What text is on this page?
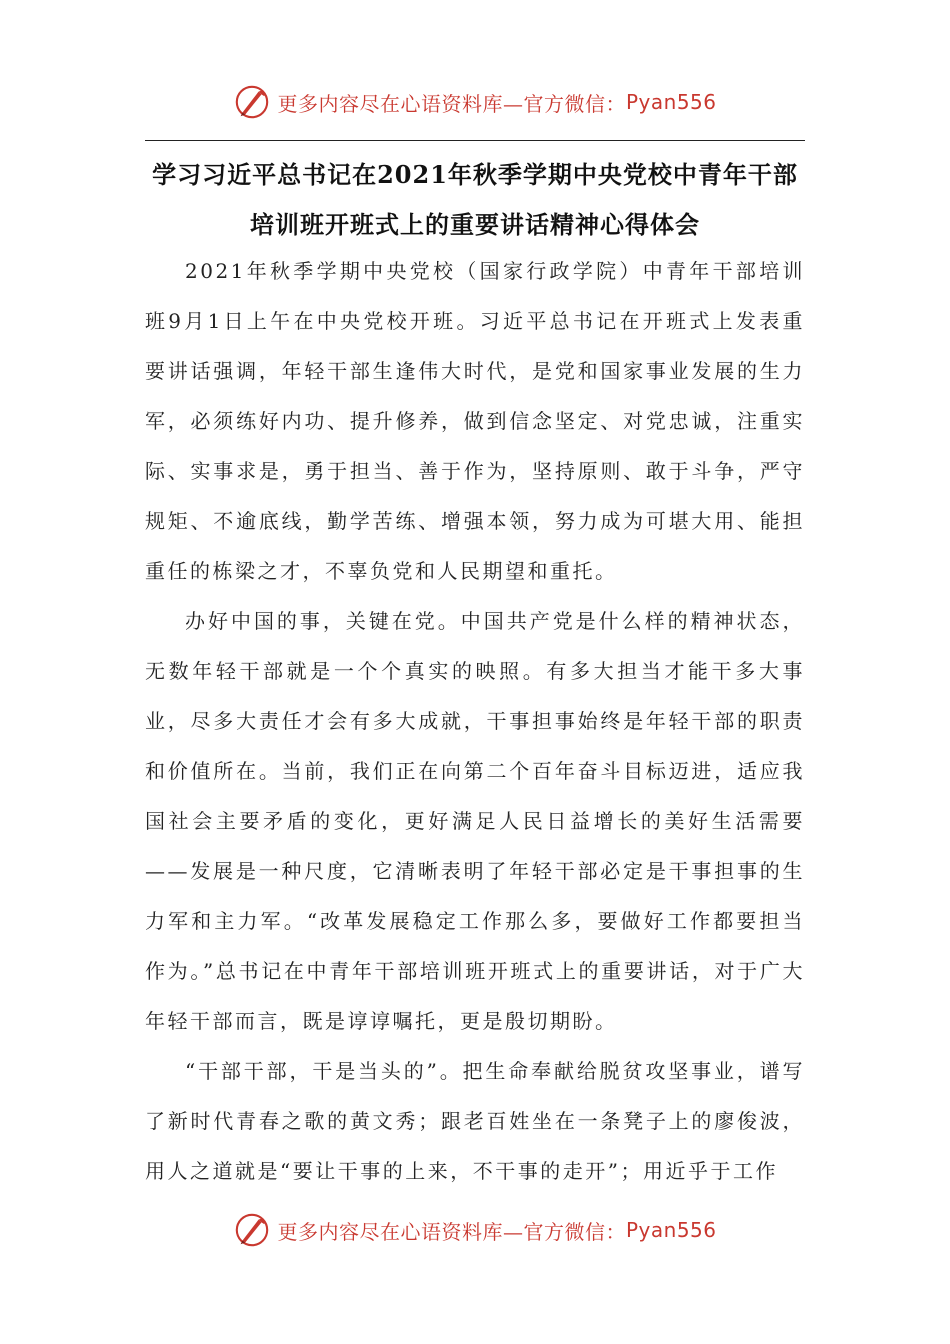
更多内容尽在心语资料库—官方微信： Pyan556
学习习近平总书记在2021年秋季学期中央党校中青年干部培训班开班式上的重要讲话精神心得体会

2021年秋季学期中央党校（国家行政学院）中青年干部培训班9月1日上午在中央党校开班。习近平总书记在开班式上发表重要讲话强调，年轻干部生逢伟大时代，是党和国家事业发展的生力军，必须练好内功、提升修养，做到信念坚定、对党忠诚，注重实际、实事求是，勇于担当、善于作为，坚持原则、敢于斗争，严守规矩、不逾底线，勤学苦练、增强本领，努力成为可堪大用、能担重任的栋梁之才，不辜负党和人民期望和重托。

办好中国的事，关键在党。中国共产党是什么样的精神状态，无数年轻干部就是一个个真实的映照。有多大担当才能干多大事业，尽多大责任才会有多大成就，干事担事始终是年轻干部的职责和价值所在。当前，我们正在向第二个百年奋斗目标迈进，适应我国社会主要矛盾的变化，更好满足人民日益增长的美好生活需要——发展是一种尺度，它清晰表明了年轻干部必定是干事担事的生力军和主力军。“改革发展稳定工作那么多，要做好工作都要担当作为。”总书记在中青年干部培训班开班式上的重要讲话，对于广大年轻干部而言，既是谆谆嘱托，更是殷切期盼。

“干部干部，干是当头的”。把生命奉献给脱贫攻坚事业，谱写了新时代青春之歌的黄文秀；跟老百姓坐在一条凳子上的廖俊波，用人之道就是“要让干事的上来，不干事的走开”；用近乎于工作

更多内容尽在心语资料库—官方微信： Pyan556
